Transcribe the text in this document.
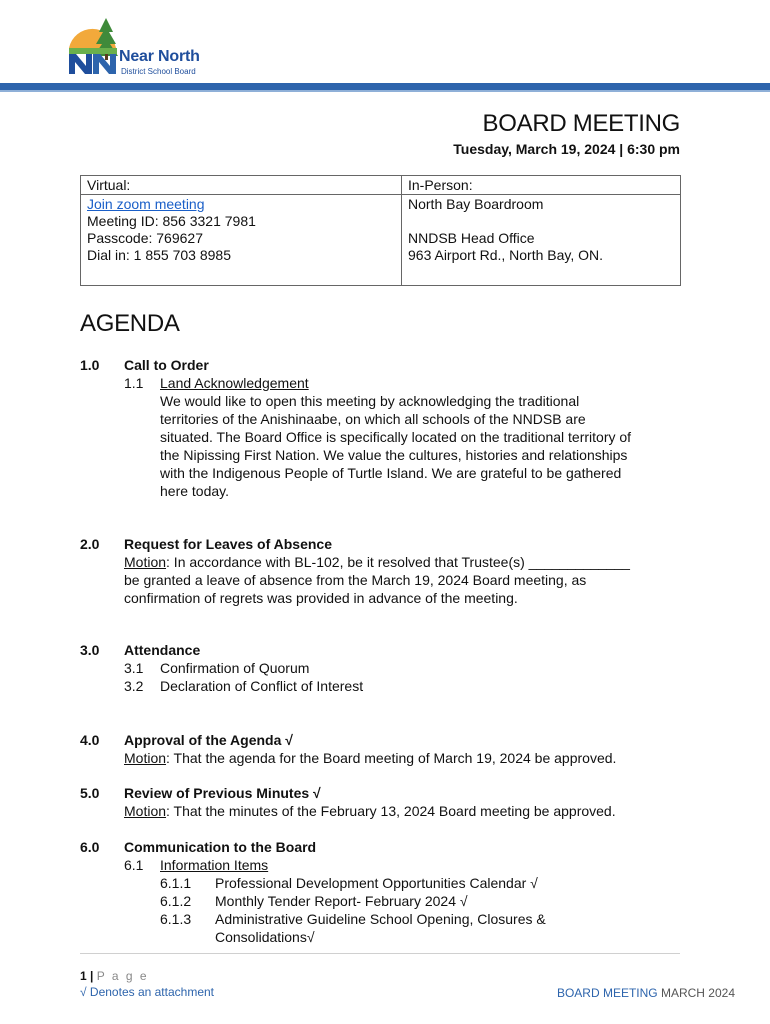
Near North
District School Board
BOARD MEETING
Tuesday, March 19, 2024 | 6:30 pm
Virtual:
Join zoom meeting
Meeting ID: 856 3321 7981
Passcode: 769627
Dial in: 1 855 703 8985
In-Person:
North Bay Boardroom
NNDSB Head Office
963 Airport Rd., North Bay, ON.
AGENDA
1.0 Call to Order
1.1 Land Acknowledgement
We would like to open this meeting by acknowledging the traditional
territories of the Anishinaabe, on which all schools of the NNDSB are
situated. The Board Office is specifically located on the traditional territory of
the Nipissing First Nation. We value the cultures, histories and relationships
with the Indigenous People of Turtle Island. We are grateful to be gathered
here today.
2.0 Request for Leaves of Absence
Motion: In accordance with BL-102, be it resolved that Trustee(s) _____________
be granted a leave of absence from the March 19, 2024 Board meeting, as
confirmation of regrets was provided in advance of the meeting.
3.0 Attendance
3.1 Confirmation of Quorum
3.2 Declaration of Conflict of Interest
4.0 Approval of the Agenda √
Motion: That the agenda for the Board meeting of March 19, 2024 be approved.
5.0 Review of Previous Minutes √
Motion: That the minutes of the February 13, 2024 Board meeting be approved.
6.0 Communication to the Board
6.1 Information Items
6.1.1 Professional Development Opportunities Calendar √
6.1.2 Monthly Tender Report- February 2024 √
6.1.3 Administrative Guideline School Opening, Closures &
Consolidations√
1 | P a g e
√ Denotes an attachment	BOARD MEETING MARCH 2024
